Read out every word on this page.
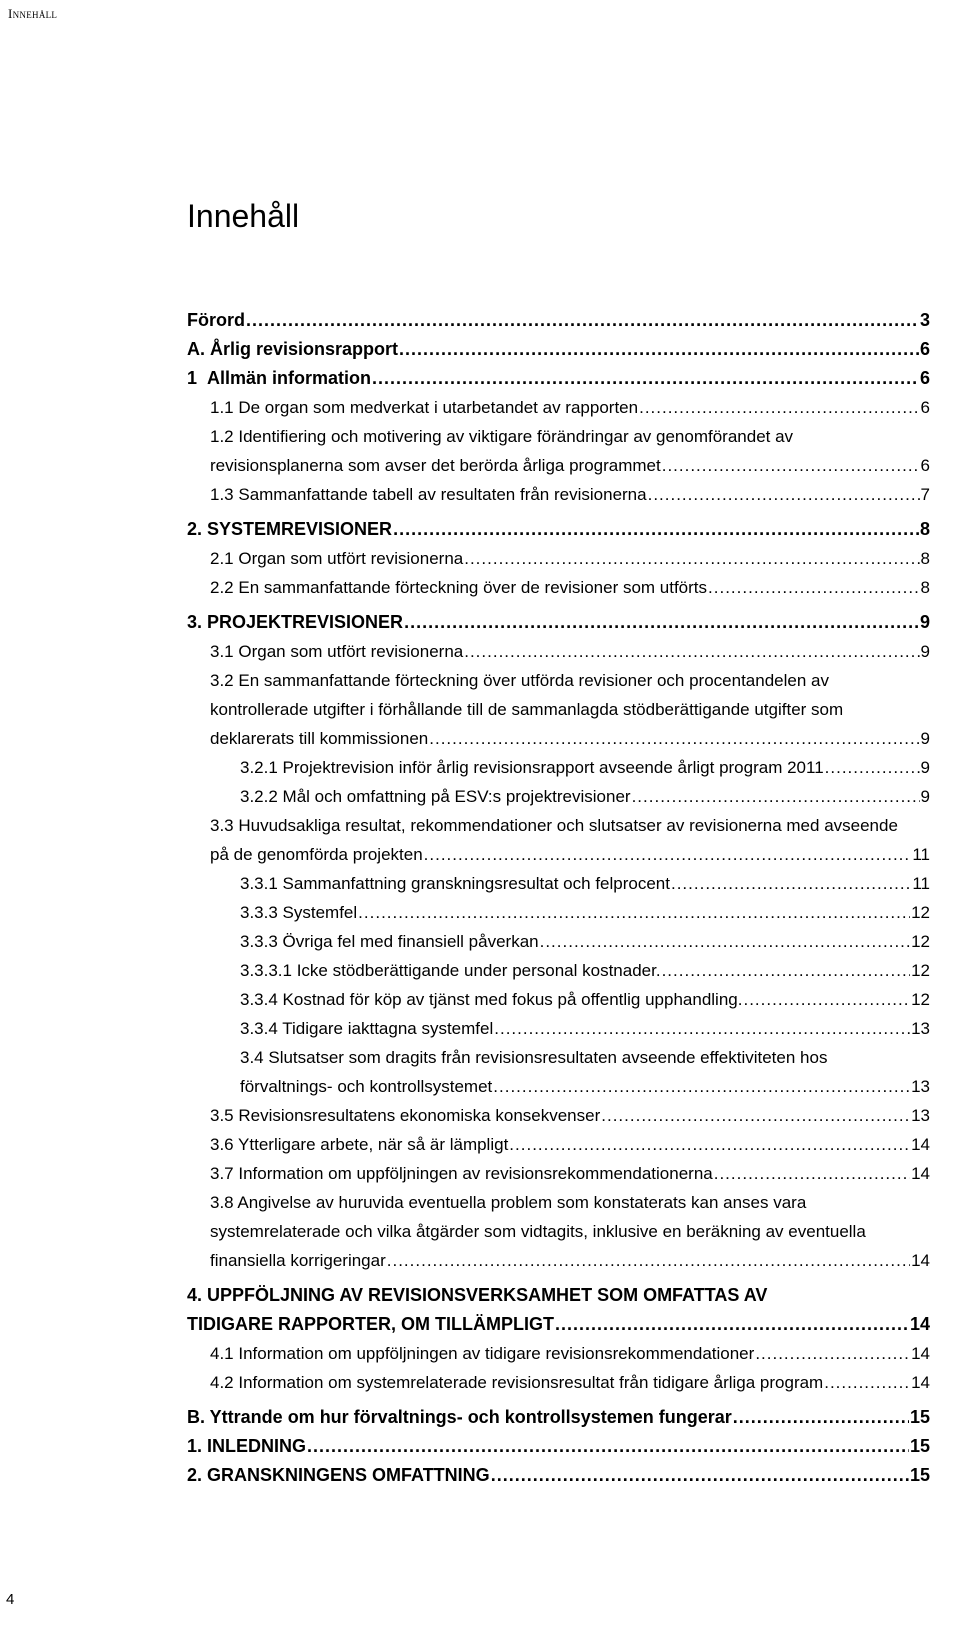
Innehåll
Innehåll
Förord .....	3
A. Årlig revisionsrapport .....	6
1  Allmän information .....	6
1.1 De organ som medverkat i utarbetandet av rapporten .....	6
1.2 Identifiering och motivering av viktigare förändringar av genomförandet av
revisionsplanerna som avser det berörda årliga programmet .....	6
1.3 Sammanfattande tabell av resultaten från revisionerna .....	7
2. SYSTEMREVISIONER .....	8
2.1 Organ som utfört revisionerna .....	8
2.2 En sammanfattande förteckning över de revisioner som utförts .....	8
3. PROJEKTREVISIONER .....	9
3.1 Organ som utfört revisionerna .....	9
3.2 En sammanfattande förteckning över utförda revisioner och procentandelen av kontrollerade utgifter i förhållande till de sammanlagda stödberättigande utgifter som
deklarerats till kommissionen .....	9
3.2.1 Projektrevision inför årlig revisionsrapport avseende årligt program 2011 .....	9
3.2.2 Mål och omfattning på ESV:s projektrevisioner .....	9
3.3 Huvudsakliga resultat, rekommendationer och slutsatser av revisionerna med avseende
på de genomförda projekten .....	11
3.3.1 Sammanfattning granskningsresultat och felprocent .....	11
3.3.3 Systemfel .....	12
3.3.3 Övriga fel med finansiell påverkan .....	12
3.3.3.1 Icke stödberättigande under personal kostnader. .....	12
3.3.4 Kostnad för köp av tjänst med fokus på offentlig upphandling. .....	12
3.3.4 Tidigare iakttagna systemfel .....	13
3.4 Slutsatser som dragits från revisionsresultaten avseende effektiviteten hos
förvaltnings- och kontrollsystemet .....	13
3.5 Revisionsresultatens ekonomiska konsekvenser .....	13
3.6 Ytterligare arbete, när så är lämpligt .....	14
3.7 Information om uppföljningen av revisionsrekommendationerna .....	14
3.8 Angivelse av huruvida eventuella problem som konstaterats kan anses vara systemrelaterade och vilka åtgärder som vidtagits, inklusive en beräkning av eventuella
finansiella korrigeringar .....	14
4. UPPFÖLJNING AV REVISIONSVERKSAMHET SOM OMFATTAS AV
TIDIGARE RAPPORTER, OM TILLÄMPLIGT .....	14
4.1 Information om uppföljningen av tidigare revisionsrekommendationer .....	14
4.2 Information om systemrelaterade revisionsresultat från tidigare årliga program .....	14
B. Yttrande om hur förvaltnings- och kontrollsystemen fungerar .....	15
1. INLEDNING .....	15
2. GRANSKNINGENS OMFATTNING .....	15
4
